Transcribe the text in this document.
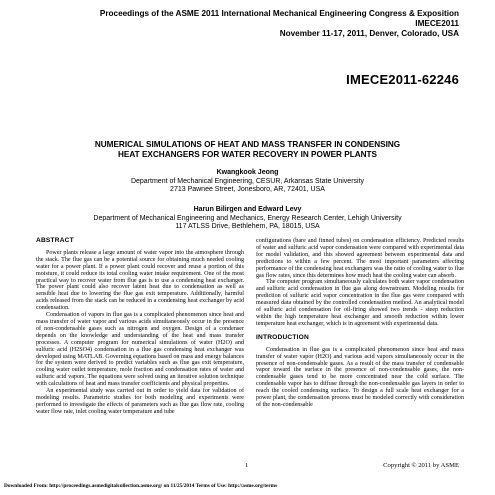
Proceedings of the ASME 2011 International Mechanical Engineering Congress & Exposition
IMECE2011
November 11-17, 2011, Denver, Colorado, USA
IMECE2011-62246
NUMERICAL SIMULATIONS OF HEAT AND MASS TRANSFER IN CONDENSING
HEAT EXCHANGERS FOR WATER RECOVERY IN POWER PLANTS
Kwangkook Jeong
Department of Mechanical Engineering, CESUR, Arkansas State University
2713 Pawnee Street, Jonesboro, AR, 72401, USA
Harun Bilirgen and Edward Levy
Department of Mechanical Engineering and Mechanics, Energy Research Center, Lehigh University
117 ATLSS Drive, Bethlehem, PA, 18015, USA
ABSTRACT

Power plants release a large amount of water vapor into the atmosphere through the stack. The flue gas can be a potential source for obtaining much needed cooling water for a power plant. If a power plant could recover and reuse a portion of this moisture, it could reduce its total cooling water intake requirement. One of the most practical way to recover water from flue gas is to use a condensing heat exchanger. The power plant could also recover latent heat due to condensation as well as sensible heat due to lowering the flue gas exit temperature. Additionally, harmful acids released from the stack can be reduced in a condensing heat exchanger by acid condensation.

Condensation of vapors in flue gas is a complicated phenomenon since heat and mass transfer of water vapor and various acids simultaneously occur in the presence of non-condensable gases such as nitrogen and oxygen. Design of a condenser depends on the knowledge and understanding of the heat and mass transfer processes. A computer program for numerical simulations of water (H2O) and sulfuric acid (H2SO4) condensation in a flue gas condensing heat exchanger was developed using MATLAB. Governing equations based on mass and energy balances for the system were derived to predict variables such as flue gas exit temperature, cooling water outlet temperature, mole fraction and condensation rates of water and sulfuric acid vapors. The equations were solved using an iterative solution technique with calculations of heat and mass transfer coefficients and physical properties.

An experimental study was carried out in order to yield data for validation of modeling results. Parametric studies for both modeling and experiments were performed to investigate the effects of parameters such as flue gas flow rate, cooling water flow rate, inlet cooling water temperature and tube

configurations (bare and finned tubes) on condensation efficiency. Predicted results of water and sulfuric acid vapor condensation were compared with experimental data for model validation, and this showed agreement between experimental data and predictions to within a few percent. The most important parameters affecting performance of the condensing heat exchangers was the ratio of cooling water to flue gas flow rates, since this determines how much heat the cooling water can absorb.

The computer program simultaneously calculates both water vapor condensation and sulfuric acid condensation in flue gas along downstream. Modeling results for prediction of sulfuric acid vapor concentration in the flue gas were compared with measured data obtained by the controlled condensation method. An analytical model of sulfuric acid condensation for oil-firing showed two trends - steep reduction within the high temperature heat exchanger and smooth reduction within lower temperature heat exchanger, which is in agreement with experimental data.

INTRODUCTION

Condensation in flue gas is a complicated phenomenon since heat and mass transfer of water vapor (H2O) and various acid vapors simultaneously occur in the presence of non-condensable gases. As a result of the mass transfer of condensable vapor toward the surface in the presence of non-condensable gases, the non-condensable gases tend to be more concentrated near the cold surface. The condensable vapor has to diffuse through the non-condensable gas layers in order to reach the cooled condensing surface. To design a full scale heat exchanger for a power plant, the condensation process must be modeled correctly with consideration of the non-condensable

1	Copyright © 2011 by ASME
Downloaded From: http://proceedings.asmedigitalcollection.asme.org/ on 11/25/2014 Terms of Use: http://asme.org/terms
